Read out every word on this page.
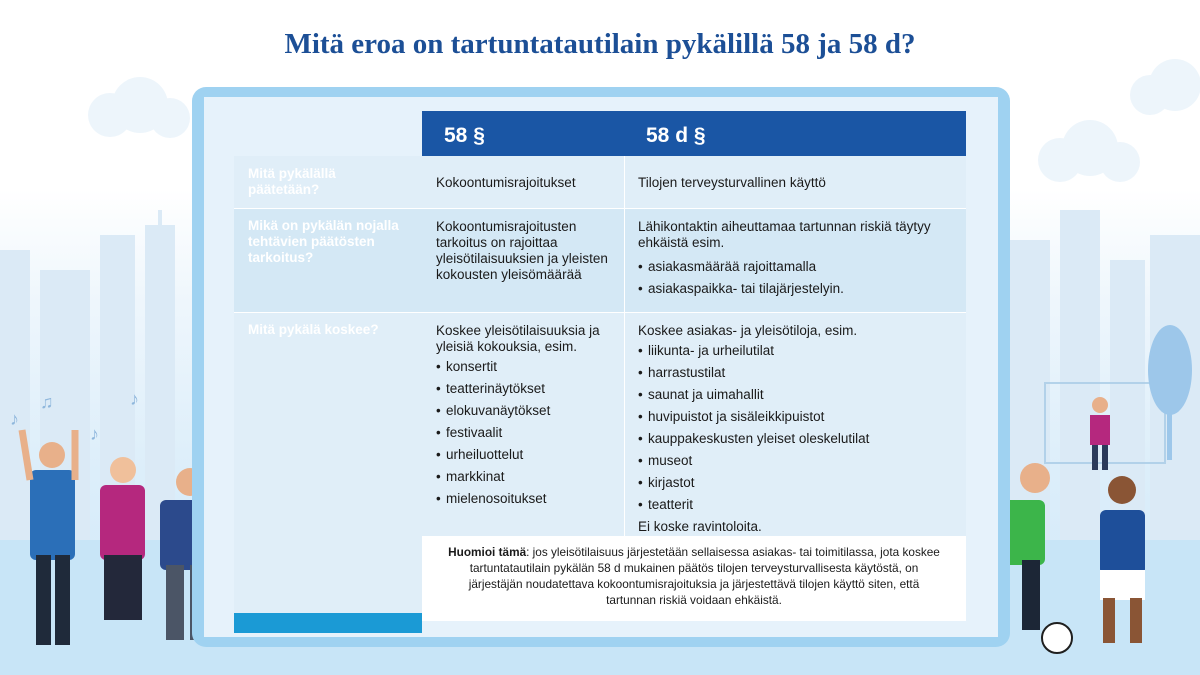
♪
♫
♪
♪
Mitä eroa on tartuntatautilain pykälillä 58 ja 58 d?
58 §	58 d §
Mitä pykälällä päätetään?
Mikä on pykälän nojalla tehtävien päätösten tarkoitus?
Mitä pykälä koskee?
Kokoontumisrajoitukset	Tilojen terveysturvallinen käyttö
Kokoontumisrajoitusten tarkoitus on rajoittaa yleisötilaisuuksien ja yleisten kokousten yleisömäärää
Lähikontaktin aiheuttamaa tartunnan riskiä täytyy ehkäistä esim.
• asiakasmäärää rajoittamalla
• asiakaspaikka- tai tilajärjestelyin.
Koskee yleisötilaisuuksia ja yleisiä kokouksia, esim.
• konsertit
• teatterinäytökset
• elokuvanäytökset
• festivaalit
• urheiluottelut
• markkinat
• mielenosoitukset
Koskee asiakas- ja yleisötiloja, esim.
• liikunta- ja urheilutilat
• harrastustilat
• saunat ja uimahallit
• huvipuistot ja sisäleikkipuistot
• kauppakeskusten yleiset oleskelutilat
• museot
• kirjastot
• teatterit
Ei koske ravintoloita.
Huomioi tämä: jos yleisötilaisuus järjestetään sellaisessa asiakas- tai toimitilassa, jota koskee tartuntatautilain pykälän 58 d mukainen päätös tilojen terveysturvallisesta käytöstä, on järjestäjän noudatettava kokoontumisrajoituksia ja järjestettävä tilojen käyttö siten, että tartunnan riskiä voidaan ehkäistä.
